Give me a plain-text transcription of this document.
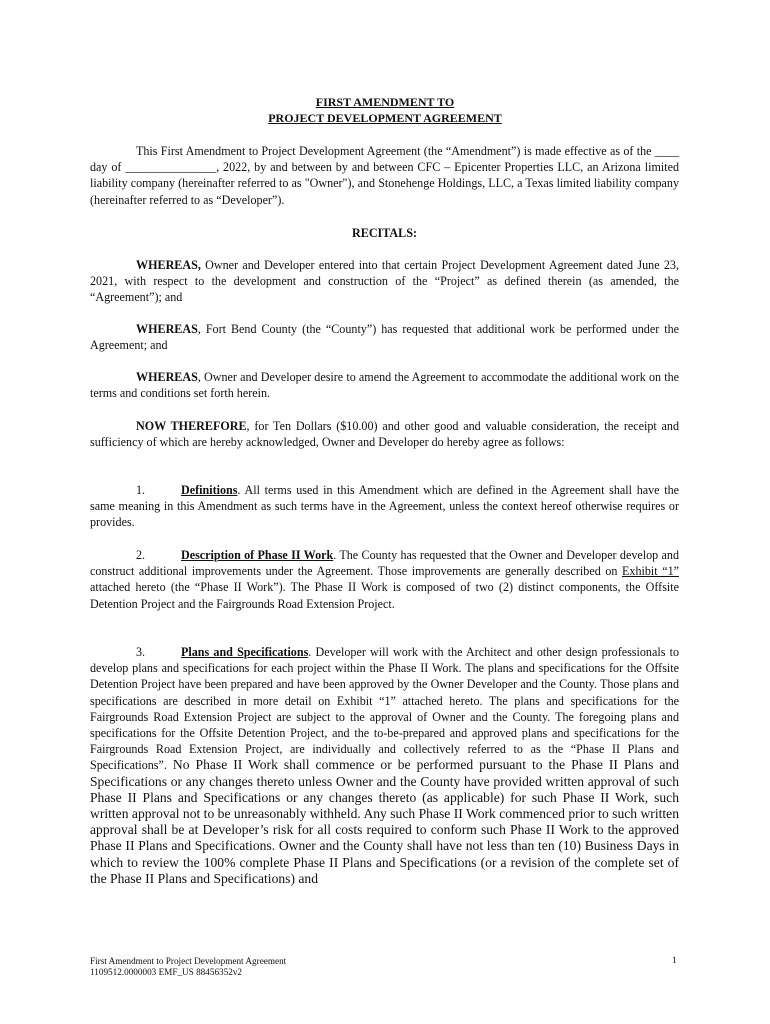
FIRST AMENDMENT TO
PROJECT DEVELOPMENT AGREEMENT

This First Amendment to Project Development Agreement (the “Amendment”) is made effective as of the ____ day of _______________, 2022, by and between by and between CFC – Epicenter Properties LLC, an Arizona limited liability company (hereinafter referred to as "Owner"), and Stonehenge Holdings, LLC, a Texas limited liability company (hereinafter referred to as “Developer”).

RECITALS:

WHEREAS, Owner and Developer entered into that certain Project Development Agreement dated June 23, 2021, with respect to the development and construction of the “Project” as defined therein (as amended, the “Agreement”); and

WHEREAS, Fort Bend County (the “County”) has requested that additional work be performed under the Agreement; and

WHEREAS, Owner and Developer desire to amend the Agreement to accommodate the additional work on the terms and conditions set forth herein.

NOW THEREFORE, for Ten Dollars ($10.00) and other good and valuable consideration, the receipt and sufficiency of which are hereby acknowledged, Owner and Developer do hereby agree as follows:

1.	Definitions. All terms used in this Amendment which are defined in the Agreement shall have the same meaning in this Amendment as such terms have in the Agreement, unless the context hereof otherwise requires or provides.

2.	Description of Phase II Work. The County has requested that the Owner and Developer develop and construct additional improvements under the Agreement. Those improvements are generally described on Exhibit “1” attached hereto (the “Phase II Work”). The Phase II Work is composed of two (2) distinct components, the Offsite Detention Project and the Fairgrounds Road Extension Project.

3.	Plans and Specifications. Developer will work with the Architect and other design professionals to develop plans and specifications for each project within the Phase II Work. The plans and specifications for the Offsite Detention Project have been prepared and have been approved by the Owner Developer and the County. Those plans and specifications are described in more detail on Exhibit “1” attached hereto. The plans and specifications for the Fairgrounds Road Extension Project are subject to the approval of Owner and the County. The foregoing plans and specifications for the Offsite Detention Project, and the to-be-prepared and approved plans and specifications for the Fairgrounds Road Extension Project, are individually and collectively referred to as the “Phase II Plans and Specifications”. No Phase II Work shall commence or be performed pursuant to the Phase II Plans and Specifications or any changes thereto unless Owner and the County have provided written approval of such Phase II Plans and Specifications or any changes thereto (as applicable) for such Phase II Work, such written approval not to be unreasonably withheld. Any such Phase II Work commenced prior to such written approval shall be at Developer’s risk for all costs required to conform such Phase II Work to the approved Phase II Plans and Specifications. Owner and the County shall have not less than ten (10) Business Days in which to review the 100% complete Phase II Plans and Specifications (or a revision of the complete set of the Phase II Plans and Specifications) and

First Amendment to Project Development Agreement
1109512.0000003 EMF_US 88456352v2
1
